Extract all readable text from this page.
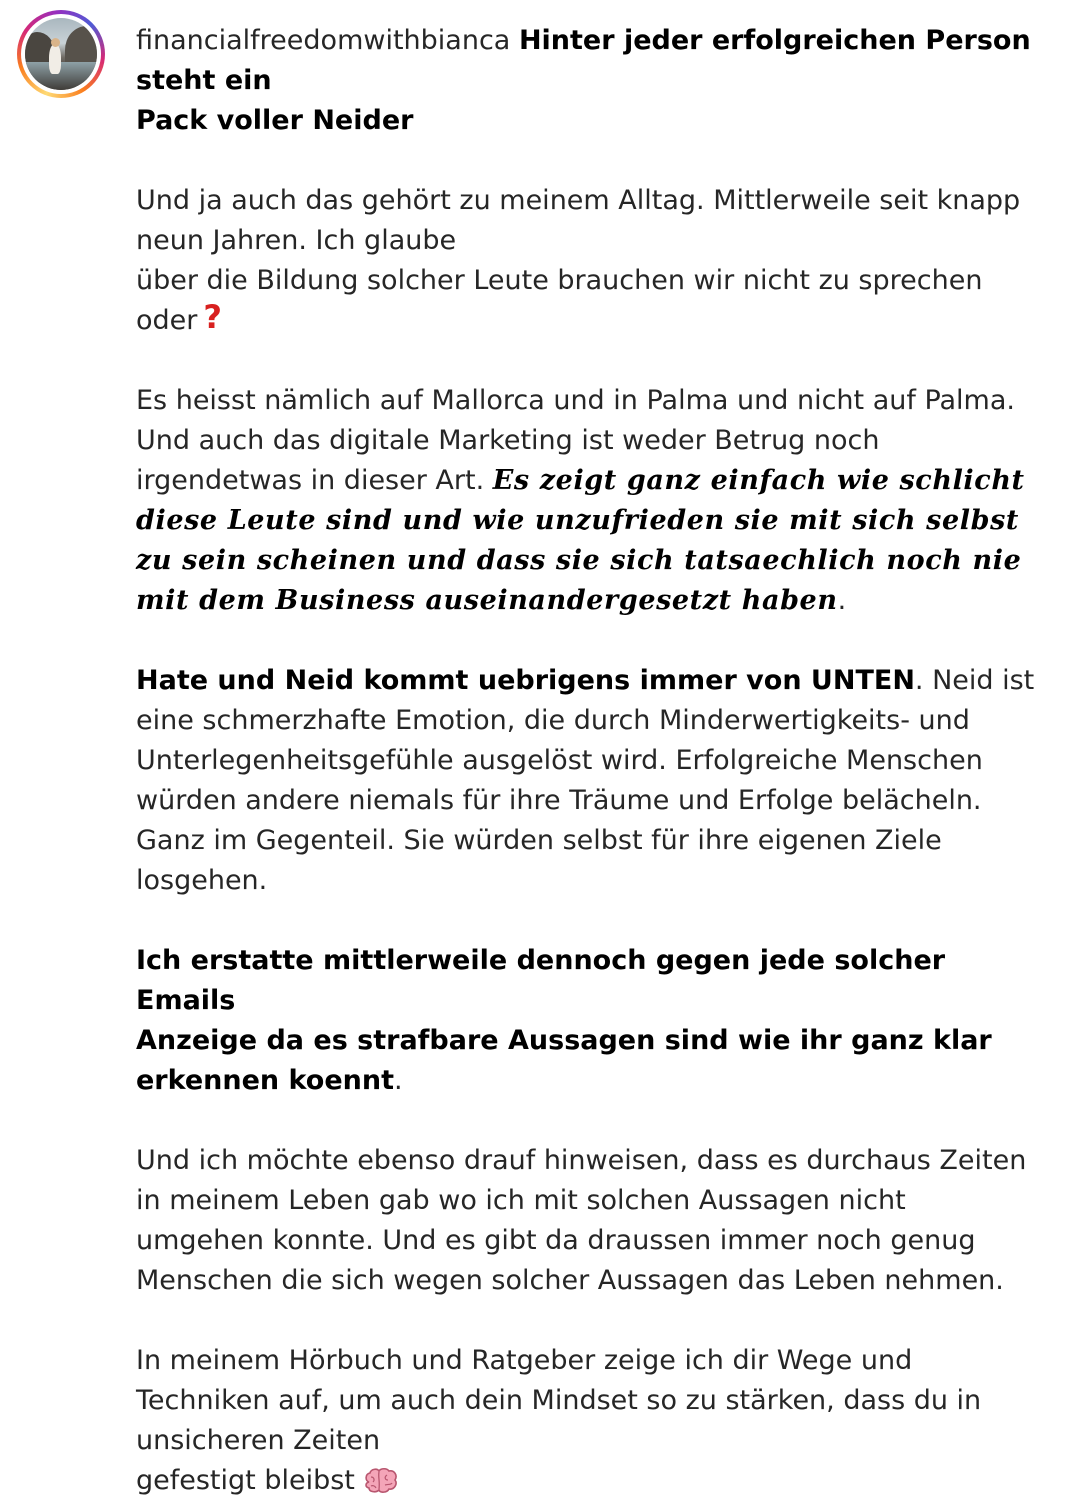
financialfreedomwithbianca Hinter jeder erfolgreichen Person
steht ein
Pack voller Neider

Und ja auch das gehört zu meinem Alltag. Mittlerweile seit knapp
neun Jahren. Ich glaube
über die Bildung solcher Leute brauchen wir nicht zu sprechen
oder ?

Es heisst nämlich auf Mallorca und in Palma und nicht auf Palma.
Und auch das digitale Marketing ist weder Betrug noch
irgendetwas in dieser Art. Es zeigt ganz einfach wie schlicht
diese Leute sind und wie unzufrieden sie mit sich selbst
zu sein scheinen und dass sie sich tatsaechlich noch nie
mit dem Business auseinandergesetzt haben.

Hate und Neid kommt uebrigens immer von UNTEN. Neid ist
eine schmerzhafte Emotion, die durch Minderwertigkeits- und
Unterlegenheitsgefühle ausgelöst wird. Erfolgreiche Menschen
würden andere niemals für ihre Träume und Erfolge belächeln.
Ganz im Gegenteil. Sie würden selbst für ihre eigenen Ziele
losgehen.

Ich erstatte mittlerweile dennoch gegen jede solcher Emails
Anzeige da es strafbare Aussagen sind wie ihr ganz klar
erkennen koennt.

Und ich möchte ebenso drauf hinweisen, dass es durchaus Zeiten
in meinem Leben gab wo ich mit solchen Aussagen nicht
umgehen konnte. Und es gibt da draussen immer noch genug
Menschen die sich wegen solcher Aussagen das Leben nehmen.

In meinem Hörbuch und Ratgeber zeige ich dir Wege und
Techniken auf, um auch dein Mindset so zu stärken, dass du in
unsicheren Zeiten
gefestigt bleibst
